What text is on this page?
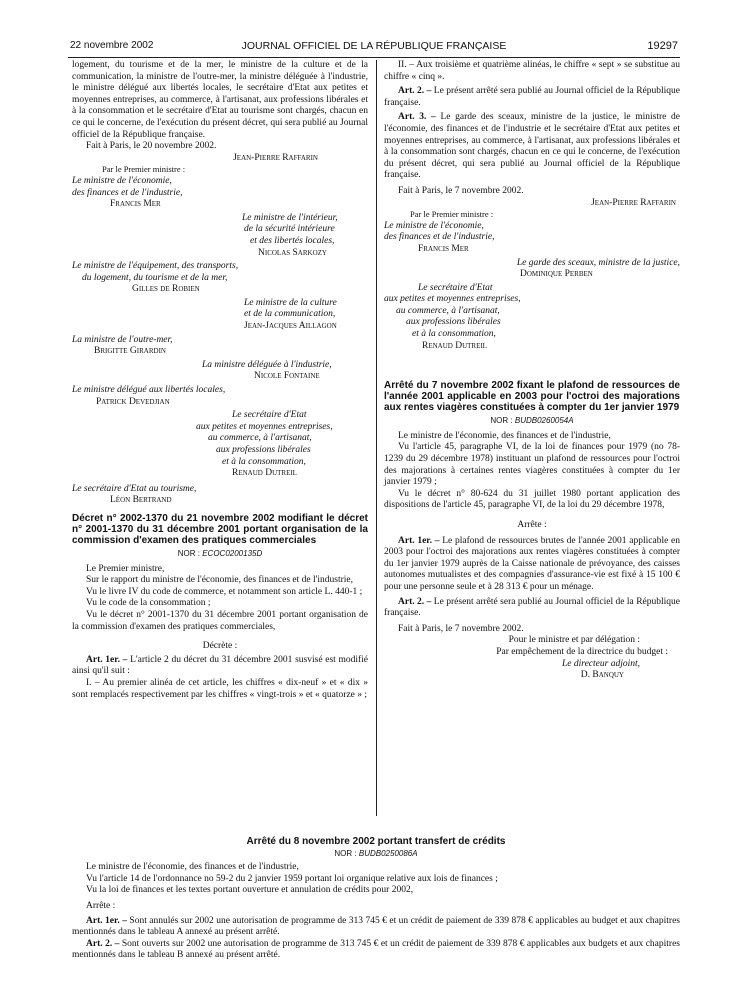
22 novembre 2002	JOURNAL OFFICIEL DE LA RÉPUBLIQUE FRANÇAISE	19297

logement, du tourisme et de la mer, le ministre de la culture et de la communication, la ministre de l'outre-mer, la ministre déléguée à l'industrie, le ministre délégué aux libertés locales, le secrétaire d'Etat aux petites et moyennes entreprises, au commerce, à l'artisanat, aux professions libérales et à la consommation et le secrétaire d'Etat au tourisme sont chargés, chacun en ce qui le concerne, de l'exécution du présent décret, qui sera publié au Journal officiel de la République française.

Fait à Paris, le 20 novembre 2002.

Jean-Pierre Raffarin

Par le Premier ministre :

Le ministre de l'économie,

des finances et de l'industrie,

Francis Mer

Le ministre de l'intérieur,

de la sécurité intérieure

et des libertés locales,

Nicolas Sarkozy

Le ministre de l'équipement, des transports,

du logement, du tourisme et de la mer,

Gilles de Robien

Le ministre de la culture

et de la communication,

Jean-Jacques Aillagon

La ministre de l'outre-mer,

Brigitte Girardin

La ministre déléguée à l'industrie,

Nicole Fontaine

Le ministre délégué aux libertés locales,

Patrick Devedjian

Le secrétaire d'Etat

aux petites et moyennes entreprises,

au commerce, à l'artisanat,

aux professions libérales

et à la consommation,

Renaud Dutreil

Le secrétaire d'Etat au tourisme,

Léon Bertrand

Décret n° 2002-1370 du 21 novembre 2002 modifiant le décret n° 2001-1370 du 31 décembre 2001 portant organisation de la commission d'examen des pratiques commerciales

NOR : ECOC0200135D

Le Premier ministre,

Sur le rapport du ministre de l'économie, des finances et de l'industrie,

Vu le livre IV du code de commerce, et notamment son article L. 440-1 ;

Vu le code de la consommation ;

Vu le décret n° 2001-1370 du 31 décembre 2001 portant organisation de la commission d'examen des pratiques commerciales,

Décrète :

Art. 1er. – L'article 2 du décret du 31 décembre 2001 susvisé est modifié ainsi qu'il suit :

I. – Au premier alinéa de cet article, les chiffres « dix-neuf » et « dix » sont remplacés respectivement par les chiffres « vingt-trois » et « quatorze » ;

II. – Aux troisième et quatrième alinéas, le chiffre « sept » se substitue au chiffre « cinq ».

Art. 2. – Le présent arrêté sera publié au Journal officiel de la République française.

Art. 3. – Le garde des sceaux, ministre de la justice, le ministre de l'économie, des finances et de l'industrie et le secrétaire d'Etat aux petites et moyennes entreprises, au commerce, à l'artisanat, aux professions libérales et à la consommation sont chargés, chacun en ce qui le concerne, de l'exécution du présent décret, qui sera publié au Journal officiel de la République française.

Fait à Paris, le 7 novembre 2002.

Jean-Pierre Raffarin

Par le Premier ministre :

Le ministre de l'économie,

des finances et de l'industrie,

Francis Mer

Le garde des sceaux, ministre de la justice,

Dominique Perben

Le secrétaire d'Etat

aux petites et moyennes entreprises,

au commerce, à l'artisanat,

aux professions libérales

et à la consommation,

Renaud Dutreil

Arrêté du 7 novembre 2002 fixant le plafond de ressources de l'année 2001 applicable en 2003 pour l'octroi des majorations aux rentes viagères constituées à compter du 1er janvier 1979

NOR : BUDB0260054A

Le ministre de l'économie, des finances et de l'industrie,

Vu l'article 45, paragraphe VI, de la loi de finances pour 1979 (no 78-1239 du 29 décembre 1978) instituant un plafond de ressources pour l'octroi des majorations à certaines rentes viagères constituées à compter du 1er janvier 1979 ;

Vu le décret n° 80-624 du 31 juillet 1980 portant application des dispositions de l'article 45, paragraphe VI, de la loi du 29 décembre 1978,

Arrête :

Art. 1er. – Le plafond de ressources brutes de l'année 2001 applicable en 2003 pour l'octroi des majorations aux rentes viagères constituées à compter du 1er janvier 1979 auprès de la Caisse nationale de prévoyance, des caisses autonomes mutualistes et des compagnies d'assurance-vie est fixé à 15 100 € pour une personne seule et à 28 313 € pour un ménage.

Art. 2. – Le présent arrêté sera publié au Journal officiel de la République française.

Fait à Paris, le 7 novembre 2002.

Pour le ministre et par délégation :

Par empêchement de la directrice du budget :

Le directeur adjoint,

D. Banquy

Arrêté du 8 novembre 2002 portant transfert de crédits

NOR : BUDB0250086A

Le ministre de l'économie, des finances et de l'industrie,

Vu l'article 14 de l'ordonnance no 59-2 du 2 janvier 1959 portant loi organique relative aux lois de finances ;

Vu la loi de finances et les textes portant ouverture et annulation de crédits pour 2002,

Arrête :

Art. 1er. – Sont annulés sur 2002 une autorisation de programme de 313 745 € et un crédit de paiement de 339 878 € applicables au budget et aux chapitres mentionnés dans le tableau A annexé au présent arrêté.

Art. 2. – Sont ouverts sur 2002 une autorisation de programme de 313 745 € et un crédit de paiement de 339 878 € applicables aux budgets et aux chapitres mentionnés dans le tableau B annexé au présent arrêté.
